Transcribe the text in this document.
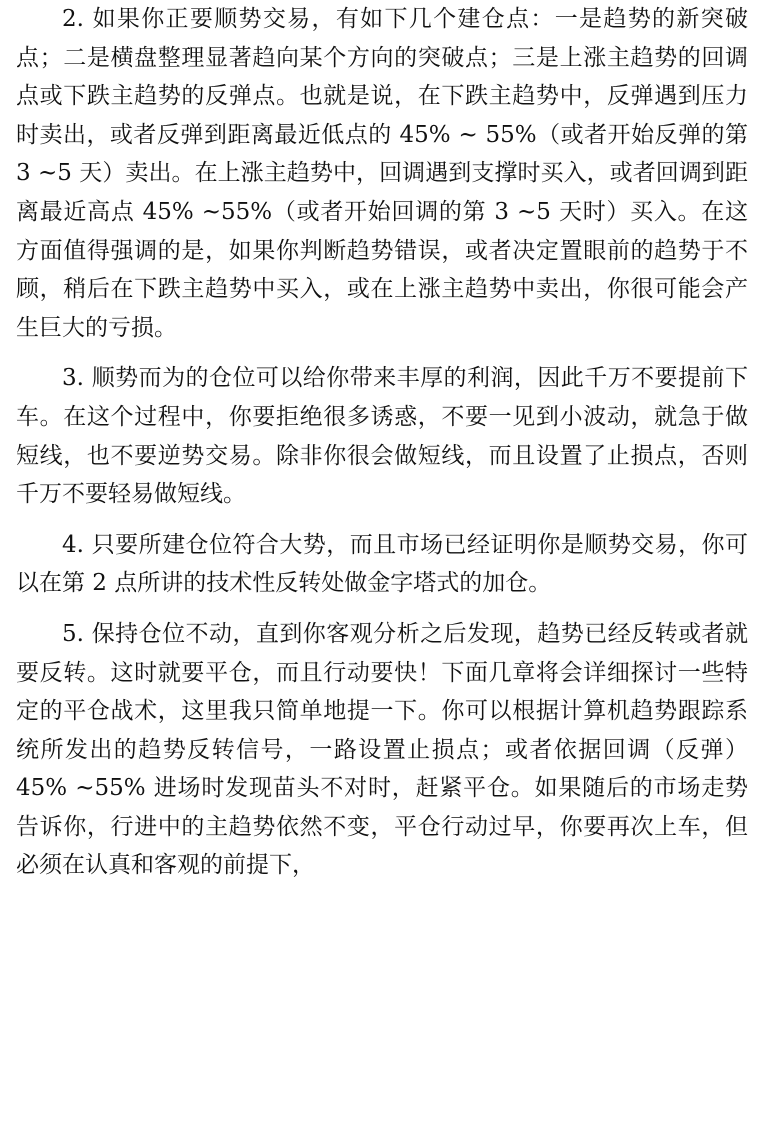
2. 如果你正要顺势交易，有如下几个建仓点：一是趋势的新突破点；二是横盘整理显著趋向某个方向的突破点；三是上涨主趋势的回调点或下跌主趋势的反弹点。也就是说，在下跌主趋势中，反弹遇到压力时卖出，或者反弹到距离最近低点的 45% ~ 55%（或者开始反弹的第 3 ~5 天）卖出。在上涨主趋势中，回调遇到支撑时买入，或者回调到距离最近高点 45% ~55%（或者开始回调的第 3 ~5 天时）买入。在这方面值得强调的是，如果你判断趋势错误，或者决定置眼前的趋势于不顾，稍后在下跌主趋势中买入，或在上涨主趋势中卖出，你很可能会产生巨大的亏损。

3. 顺势而为的仓位可以给你带来丰厚的利润，因此千万不要提前下车。在这个过程中，你要拒绝很多诱惑，不要一见到小波动，就急于做短线，也不要逆势交易。除非你很会做短线，而且设置了止损点，否则千万不要轻易做短线。

4. 只要所建仓位符合大势，而且市场已经证明你是顺势交易，你可以在第 2 点所讲的技术性反转处做金字塔式的加仓。

5. 保持仓位不动，直到你客观分析之后发现，趋势已经反转或者就要反转。这时就要平仓，而且行动要快！下面几章将会详细探讨一些特定的平仓战术，这里我只简单地提一下。你可以根据计算机趋势跟踪系统所发出的趋势反转信号，一路设置止损点；或者依据回调（反弹）45% ~55% 进场时发现苗头不对时，赶紧平仓。如果随后的市场走势告诉你，行进中的主趋势依然不变，平仓行动过早，你要再次上车，但必须在认真和客观的前提下，
